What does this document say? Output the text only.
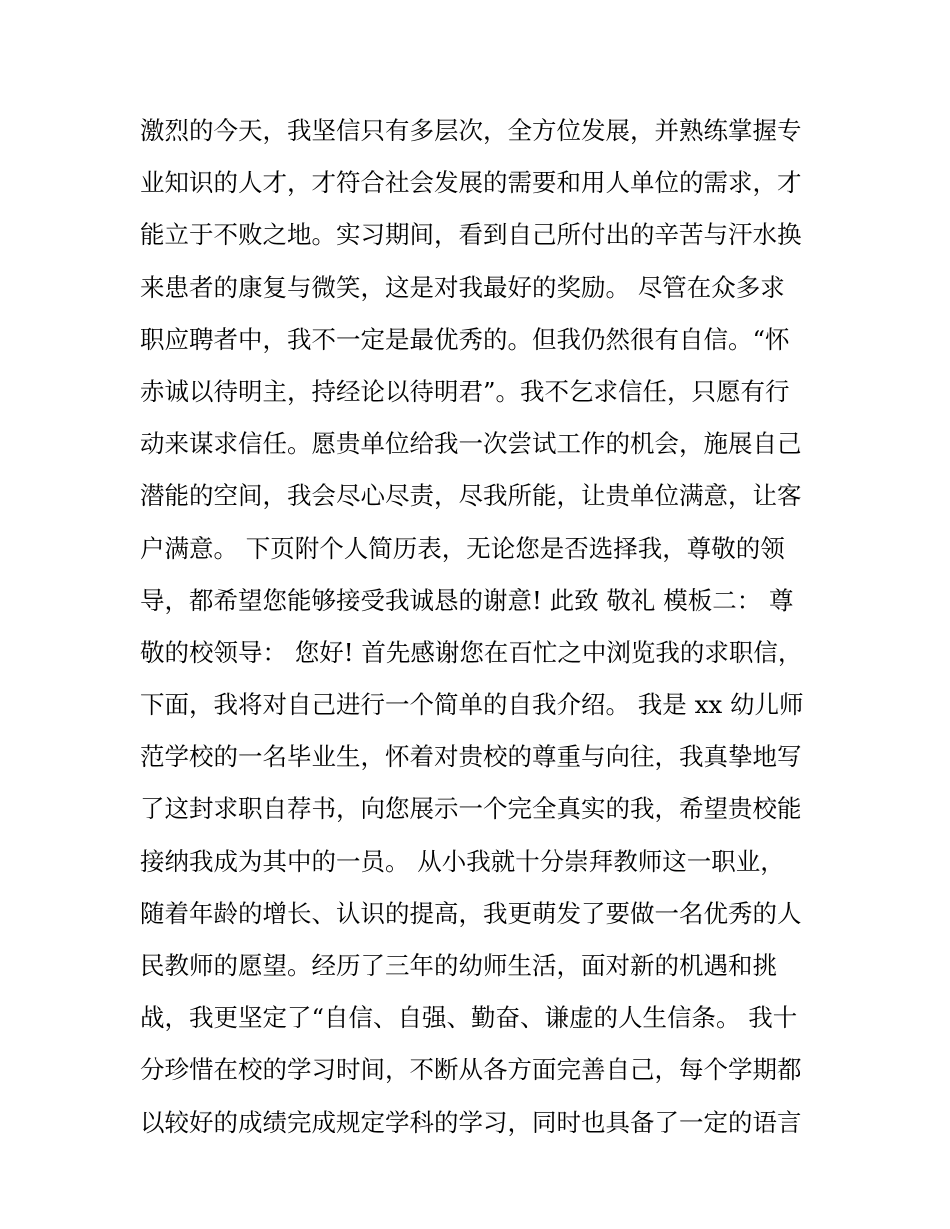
激烈的今天，我坚信只有多层次，全方位发展，并熟练掌握专
业知识的人才，才符合社会发展的需要和用人单位的需求，才
能立于不败之地。实习期间，看到自己所付出的辛苦与汗水换
来患者的康复与微笑，这是对我最好的奖励。 尽管在众多求
职应聘者中，我不一定是最优秀的。但我仍然很有自信。“怀
赤诚以待明主，持经论以待明君”。我不乞求信任，只愿有行
动来谋求信任。愿贵单位给我一次尝试工作的机会，施展自己
潜能的空间，我会尽心尽责，尽我所能，让贵单位满意，让客
户满意。 下页附个人简历表，无论您是否选择我，尊敬的领
导，都希望您能够接受我诚恳的谢意! 此致 敬礼 模板二： 尊
敬的校领导： 您好! 首先感谢您在百忙之中浏览我的求职信，
下面，我将对自己进行一个简单的自我介绍。 我是 xx 幼儿师
范学校的一名毕业生，怀着对贵校的尊重与向往，我真挚地写
了这封求职自荐书，向您展示一个完全真实的我，希望贵校能
接纳我成为其中的一员。 从小我就十分崇拜教师这一职业，
随着年龄的增长、认识的提高，我更萌发了要做一名优秀的人
民教师的愿望。经历了三年的幼师生活，面对新的机遇和挑
战，我更坚定了“自信、自强、勤奋、谦虚的人生信条。 我十
分珍惜在校的学习时间，不断从各方面完善自己，每个学期都
以较好的成绩完成规定学科的学习，同时也具备了一定的语言
